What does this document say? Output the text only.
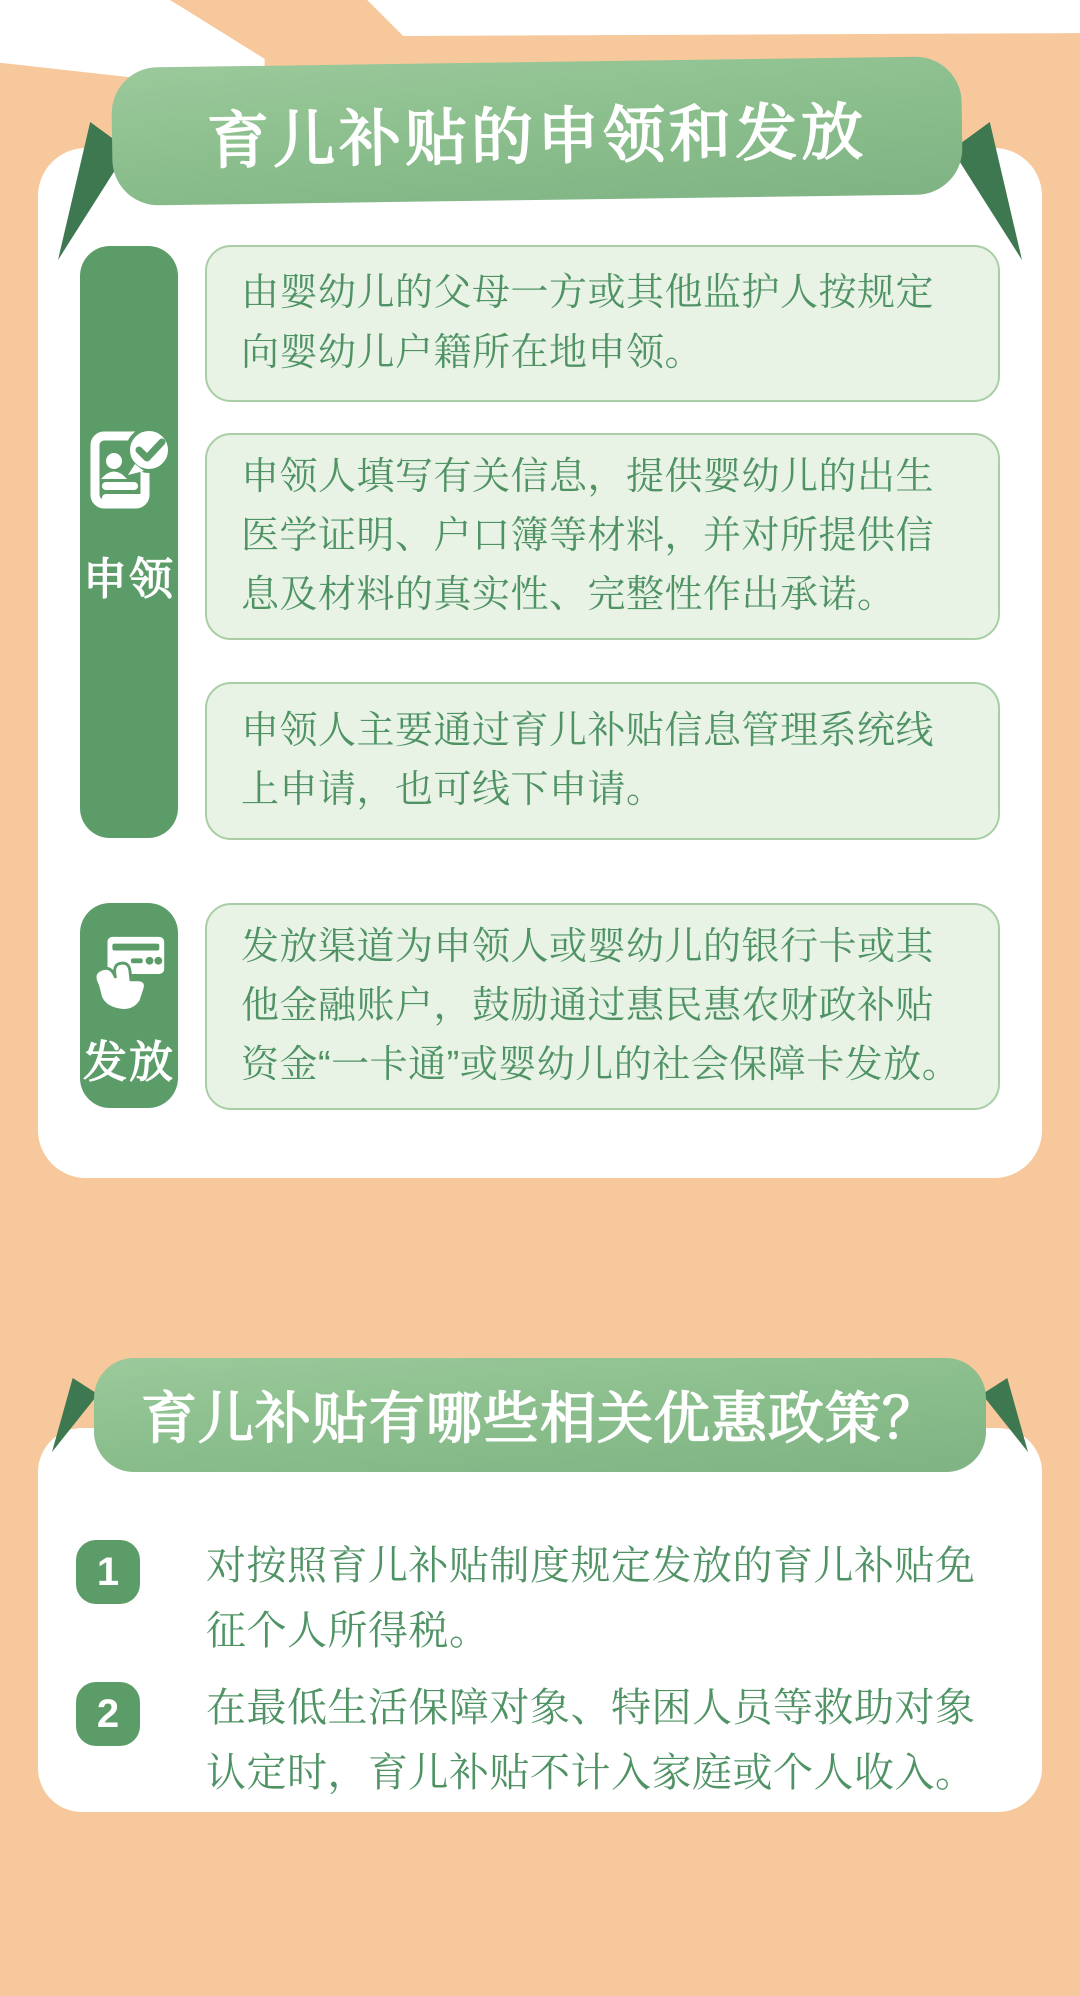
育儿补贴的申领和发放
申领

由婴幼儿的父母一方或其他监护人按规定向婴幼儿户籍所在地申领。

申领人填写有关信息，提供婴幼儿的出生医学证明、户口簿等材料，并对所提供信息及材料的真实性、完整性作出承诺。

申领人主要通过育儿补贴信息管理系统线上申请，也可线下申请。

发放

发放渠道为申领人或婴幼儿的银行卡或其他金融账户，鼓励通过惠民惠农财政补贴资金“一卡通”或婴幼儿的社会保障卡发放。

育儿补贴有哪些相关优惠政策？
1 对按照育儿补贴制度规定发放的育儿补贴免征个人所得税。

2 在最低生活保障对象、特困人员等救助对象认定时，育儿补贴不计入家庭或个人收入。
